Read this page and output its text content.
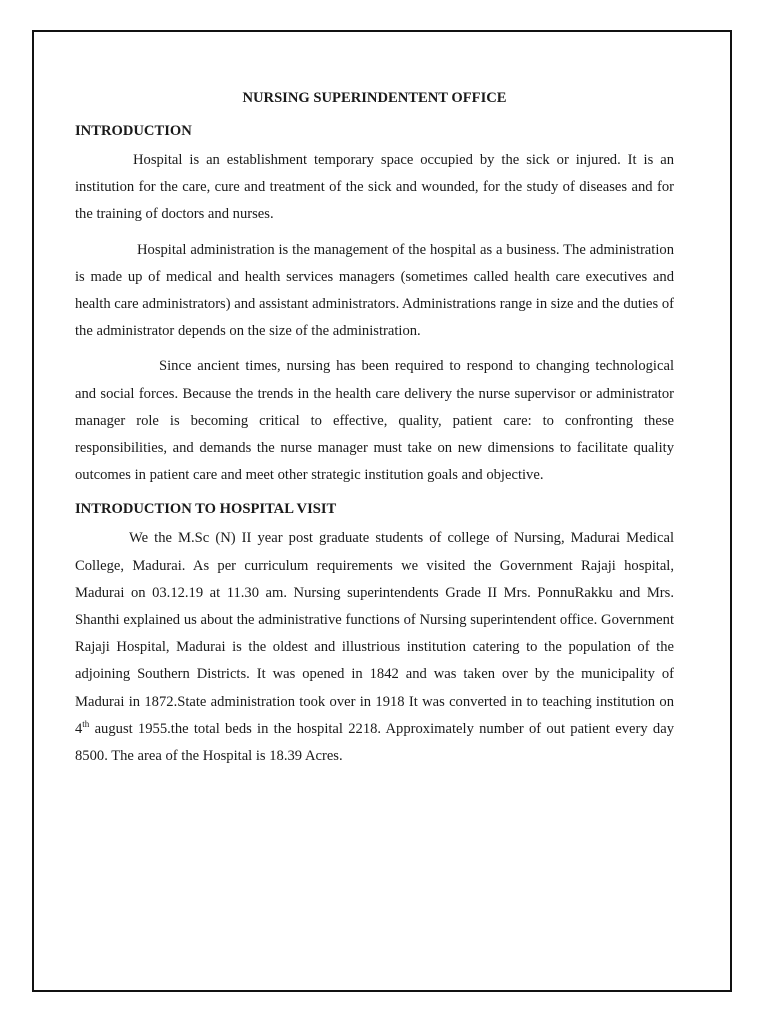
NURSING SUPERINDENTENT OFFICE
INTRODUCTION

Hospital is an establishment temporary space occupied by the sick or injured. It is an institution for the care, cure and treatment of the sick and wounded, for the study of diseases and for the training of doctors and nurses.

Hospital administration is the management of the hospital as a business. The administration is made up of medical and health services managers (sometimes called health care executives and health care administrators) and assistant administrators. Administrations range in size and the duties of the administrator depends on the size of the administration.

Since ancient times, nursing has been required to respond to changing technological and social forces. Because the trends in the health care delivery the nurse supervisor or administrator manager role is becoming critical to effective, quality, patient care: to confronting these responsibilities, and demands the nurse manager must take on new dimensions to facilitate quality outcomes in patient care and meet other strategic institution goals and objective.

INTRODUCTION TO HOSPITAL VISIT

We the M.Sc (N) II year post graduate students of college of Nursing, Madurai Medical College, Madurai. As per curriculum requirements we visited the Government Rajaji hospital, Madurai on 03.12.19 at 11.30 am. Nursing superintendents Grade II Mrs. PonnuRakku and Mrs. Shanthi explained us about the administrative functions of Nursing superintendent office. Government Rajaji Hospital, Madurai is the oldest and illustrious institution catering to the population of the adjoining Southern Districts. It was opened in 1842 and was taken over by the municipality of Madurai in 1872.State administration took over in 1918 It was converted in to teaching institution on 4th august 1955.the total beds in the hospital 2218. Approximately number of out patient every day 8500. The area of the Hospital is 18.39 Acres.
